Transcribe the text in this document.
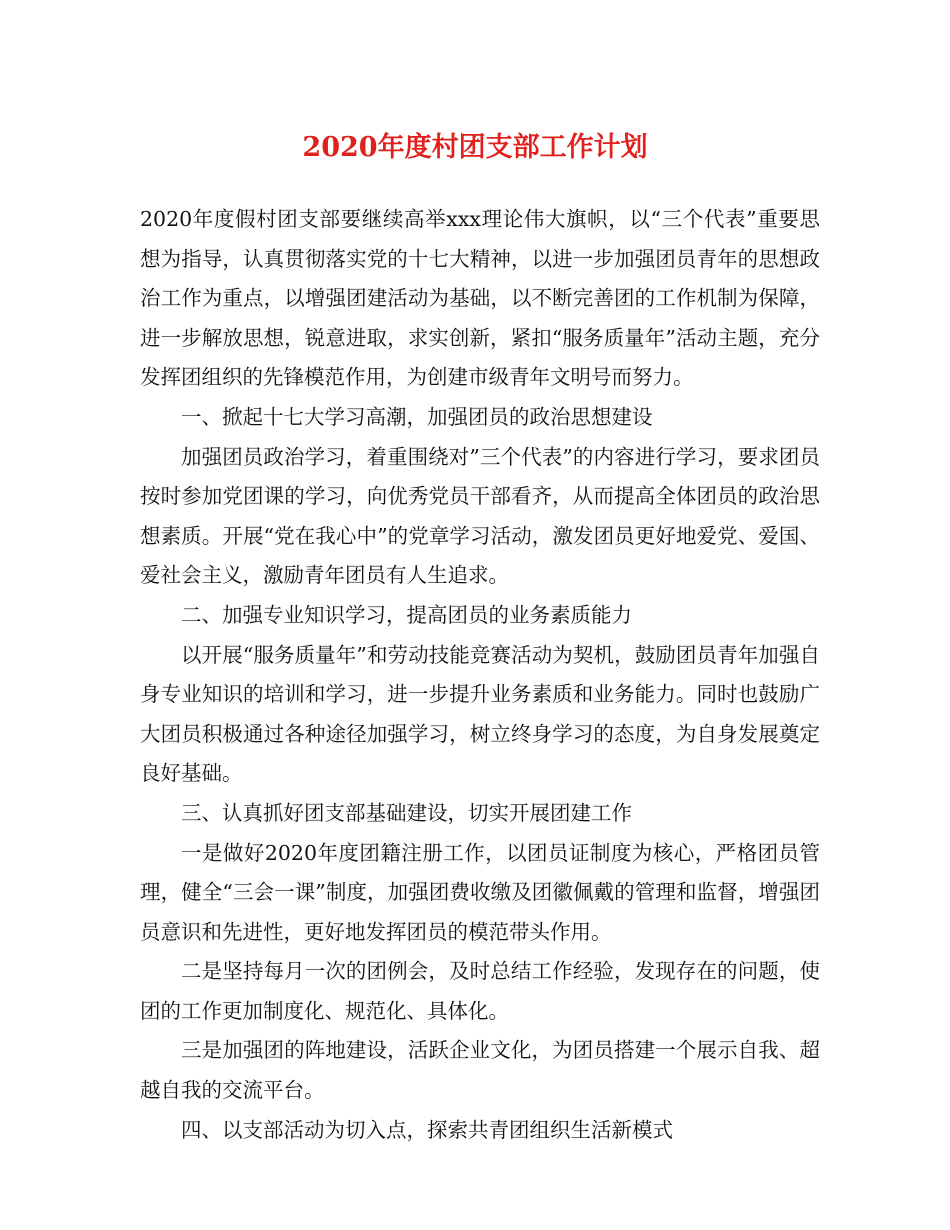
2020年度村团支部工作计划

2020年度假村团支部要继续高举xxx理论伟大旗帜，以“三个代表”重要思想为指导，认真贯彻落实党的十七大精神，以进一步加强团员青年的思想政治工作为重点，以增强团建活动为基础，以不断完善团的工作机制为保障，进一步解放思想，锐意进取，求实创新，紧扣“服务质量年”活动主题，充分发挥团组织的先锋模范作用，为创建市级青年文明号而努力。

一、掀起十七大学习高潮，加强团员的政治思想建设

加强团员政治学习，着重围绕对”三个代表”的内容进行学习，要求团员按时参加党团课的学习，向优秀党员干部看齐，从而提高全体团员的政治思想素质。开展“党在我心中”的党章学习活动，激发团员更好地爱党、爱国、爱社会主义，激励青年团员有人生追求。

二、加强专业知识学习，提高团员的业务素质能力

以开展“服务质量年”和劳动技能竞赛活动为契机，鼓励团员青年加强自身专业知识的培训和学习，进一步提升业务素质和业务能力。同时也鼓励广大团员积极通过各种途径加强学习，树立终身学习的态度，为自身发展奠定良好基础。

三、认真抓好团支部基础建设，切实开展团建工作

一是做好2020年度团籍注册工作，以团员证制度为核心，严格团员管理，健全“三会一课”制度，加强团费收缴及团徽佩戴的管理和监督，增强团员意识和先进性，更好地发挥团员的模范带头作用。

二是坚持每月一次的团例会，及时总结工作经验，发现存在的问题，使团的工作更加制度化、规范化、具体化。

三是加强团的阵地建设，活跃企业文化，为团员搭建一个展示自我、超越自我的交流平台。

四、以支部活动为切入点，探索共青团组织生活新模式
